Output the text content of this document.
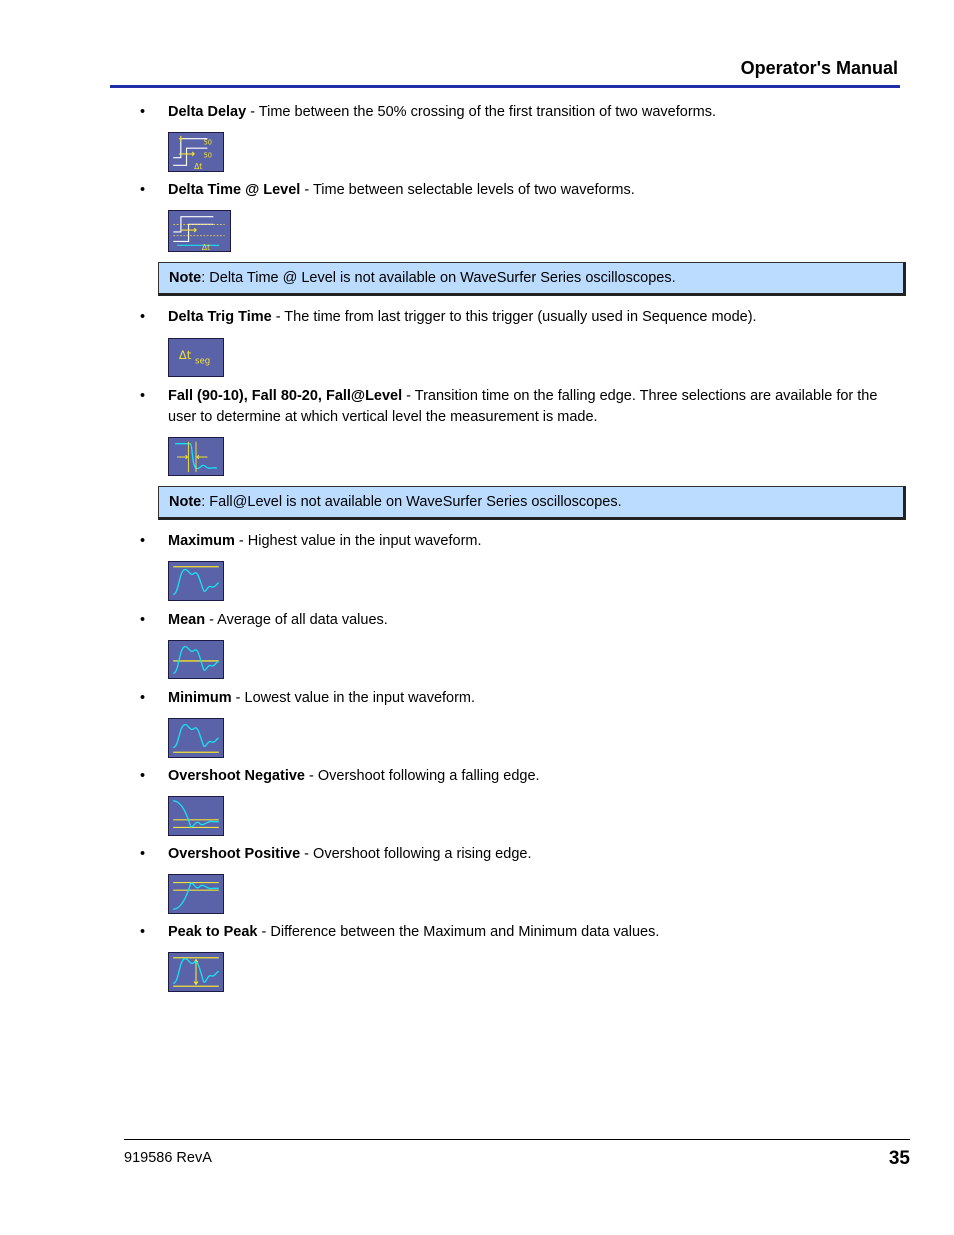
Operator's Manual
•	Delta Delay - Time between the 50% crossing of the first transition of two waveforms.
50
50
Δt
•	Delta Time @ Level - Time between selectable levels of two waveforms.
Δt
Note: Delta Time @ Level is not available on WaveSurfer Series oscilloscopes.
•	Delta Trig Time - The time from last trigger to this trigger (usually used in Sequence mode).
Δt seg
•	Fall (90-10), Fall 80-20, Fall@Level - Transition time on the falling edge. Three selections are available for the user to determine at which vertical level the measurement is made.
Note: Fall@Level is not available on WaveSurfer Series oscilloscopes.
•	Maximum - Highest value in the input waveform.
•	Mean - Average of all data values.
•	Minimum - Lowest value in the input waveform.
•	Overshoot Negative - Overshoot following a falling edge.
•	Overshoot Positive - Overshoot following a rising edge.
•	Peak to Peak - Difference between the Maximum and Minimum data values.
919586 RevA	35
